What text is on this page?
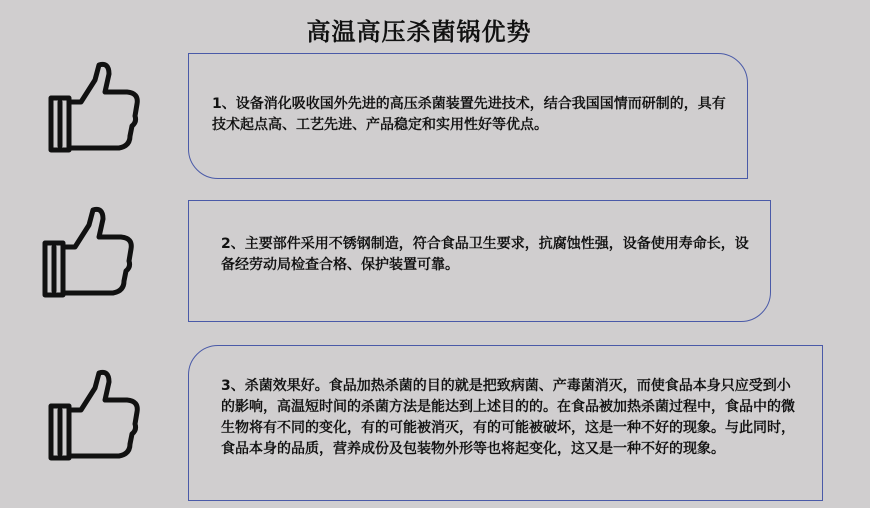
高温高压杀菌锅优势

1、设备消化吸收国外先进的高压杀菌装置先进技术，结合我国国情而研制的，具有技术起点高、工艺先进、产品稳定和实用性好等优点。

2、主要部件采用不锈钢制造，符合食品卫生要求，抗腐蚀性强，设备使用寿命长，设备经劳动局检查合格、保护装置可靠。

3、杀菌效果好。食品加热杀菌的目的就是把致病菌、产毒菌消灭，而使食品本身只应受到小的影响，高温短时间的杀菌方法是能达到上述目的的。在食品被加热杀菌过程中，食品中的微生物将有不同的变化，有的可能被消灭，有的可能被破坏，这是一种不好的现象。与此同时，食品本身的品质，营养成份及包装物外形等也将起变化，这又是一种不好的现象。
